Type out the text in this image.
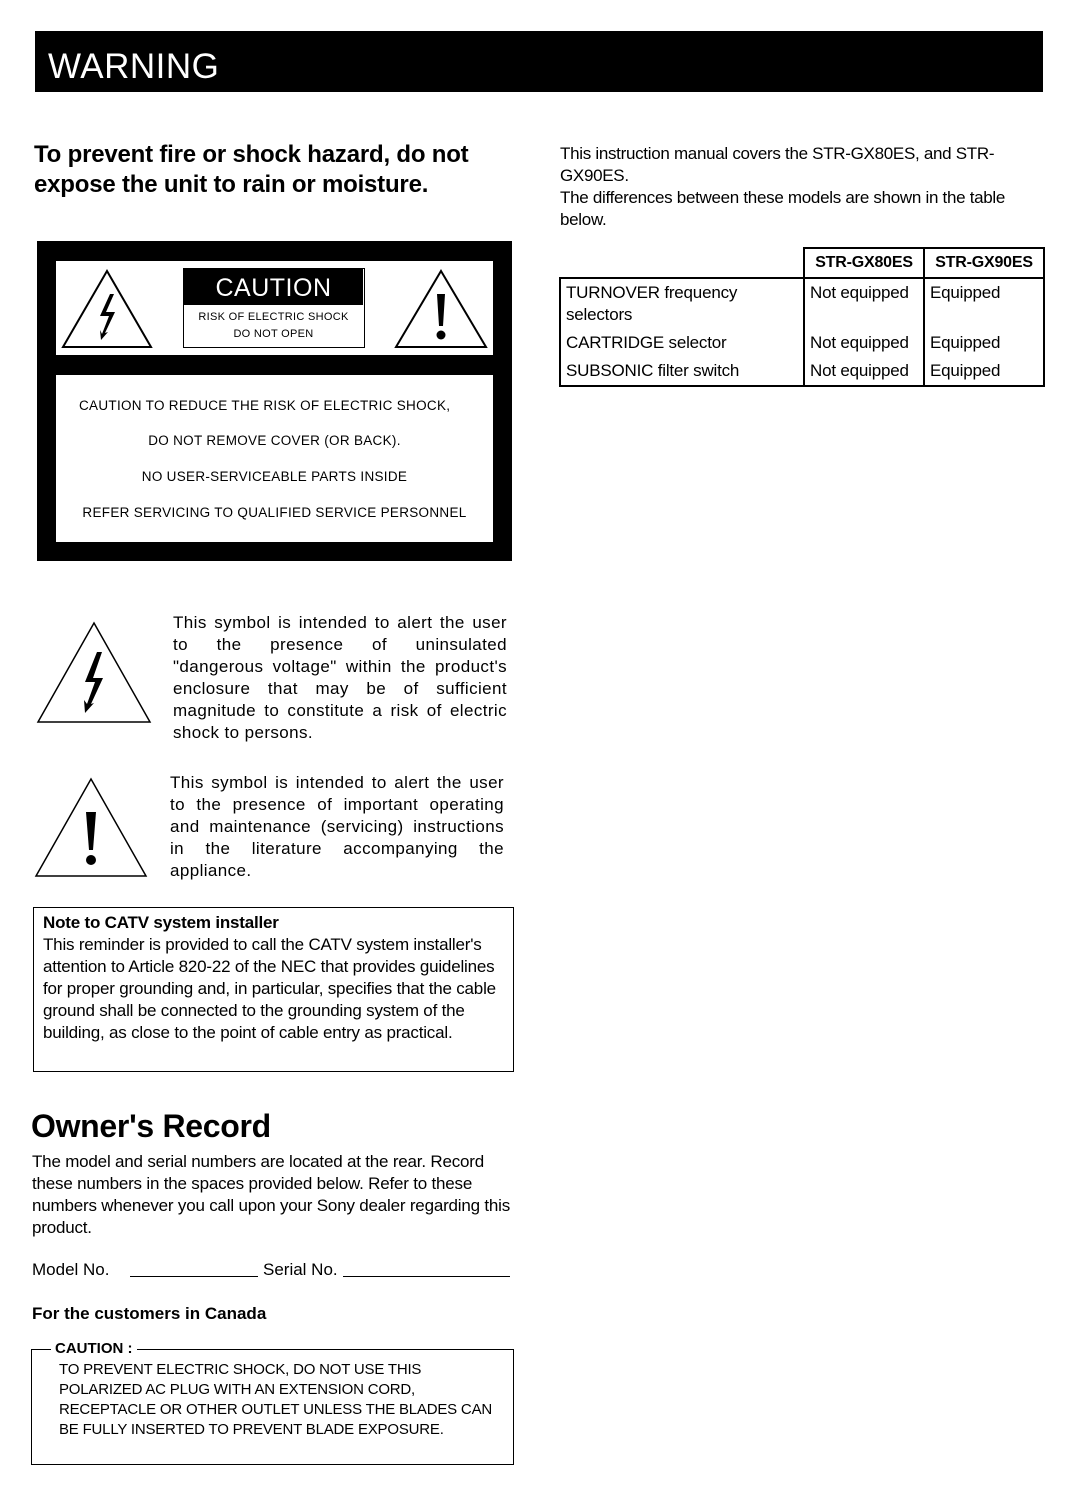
WARNING
To prevent fire or shock hazard, do not expose the unit to rain or moisture.
CAUTION
RISK OF ELECTRIC SHOCK
DO NOT OPEN
CAUTION TO REDUCE THE RISK OF ELECTRIC SHOCK,
DO NOT REMOVE COVER (OR BACK).
NO USER-SERVICEABLE PARTS INSIDE
REFER SERVICING TO QUALIFIED SERVICE PERSONNEL
This symbol is intended to alert the user to the presence of uninsulated "dangerous voltage" within the product's enclosure that may be of sufficient magnitude to constitute a risk of electric shock to persons.
This symbol is intended to alert the user to the presence of important operating and maintenance (servicing) instructions in the literature accompanying the appliance.
Note to CATV system installer
This reminder is provided to call the CATV system installer's attention to Article 820-22 of the NEC that provides guidelines for proper grounding and, in particular, specifies that the cable ground shall be connected to the grounding system of the building, as close to the point of cable entry as practical.
Owner's Record
The model and serial numbers are located at the rear. Record these numbers in the spaces provided below. Refer to these numbers whenever you call upon your Sony dealer regarding this product.
Model No.	Serial No.
For the customers in Canada
CAUTION :
TO PREVENT ELECTRIC SHOCK, DO NOT USE THIS POLARIZED AC PLUG WITH AN EXTENSION CORD, RECEPTACLE OR OTHER OUTLET UNLESS THE BLADES CAN BE FULLY INSERTED TO PREVENT BLADE EXPOSURE.
This instruction manual covers the STR-GX80ES, and STR-GX90ES.
The differences between these models are shown in the table below.
	STR-GX80ES	STR-GX90ES
TURNOVER frequency selectors	Not equipped	Equipped
CARTRIDGE selector	Not equipped	Equipped
SUBSONIC filter switch	Not equipped	Equipped
